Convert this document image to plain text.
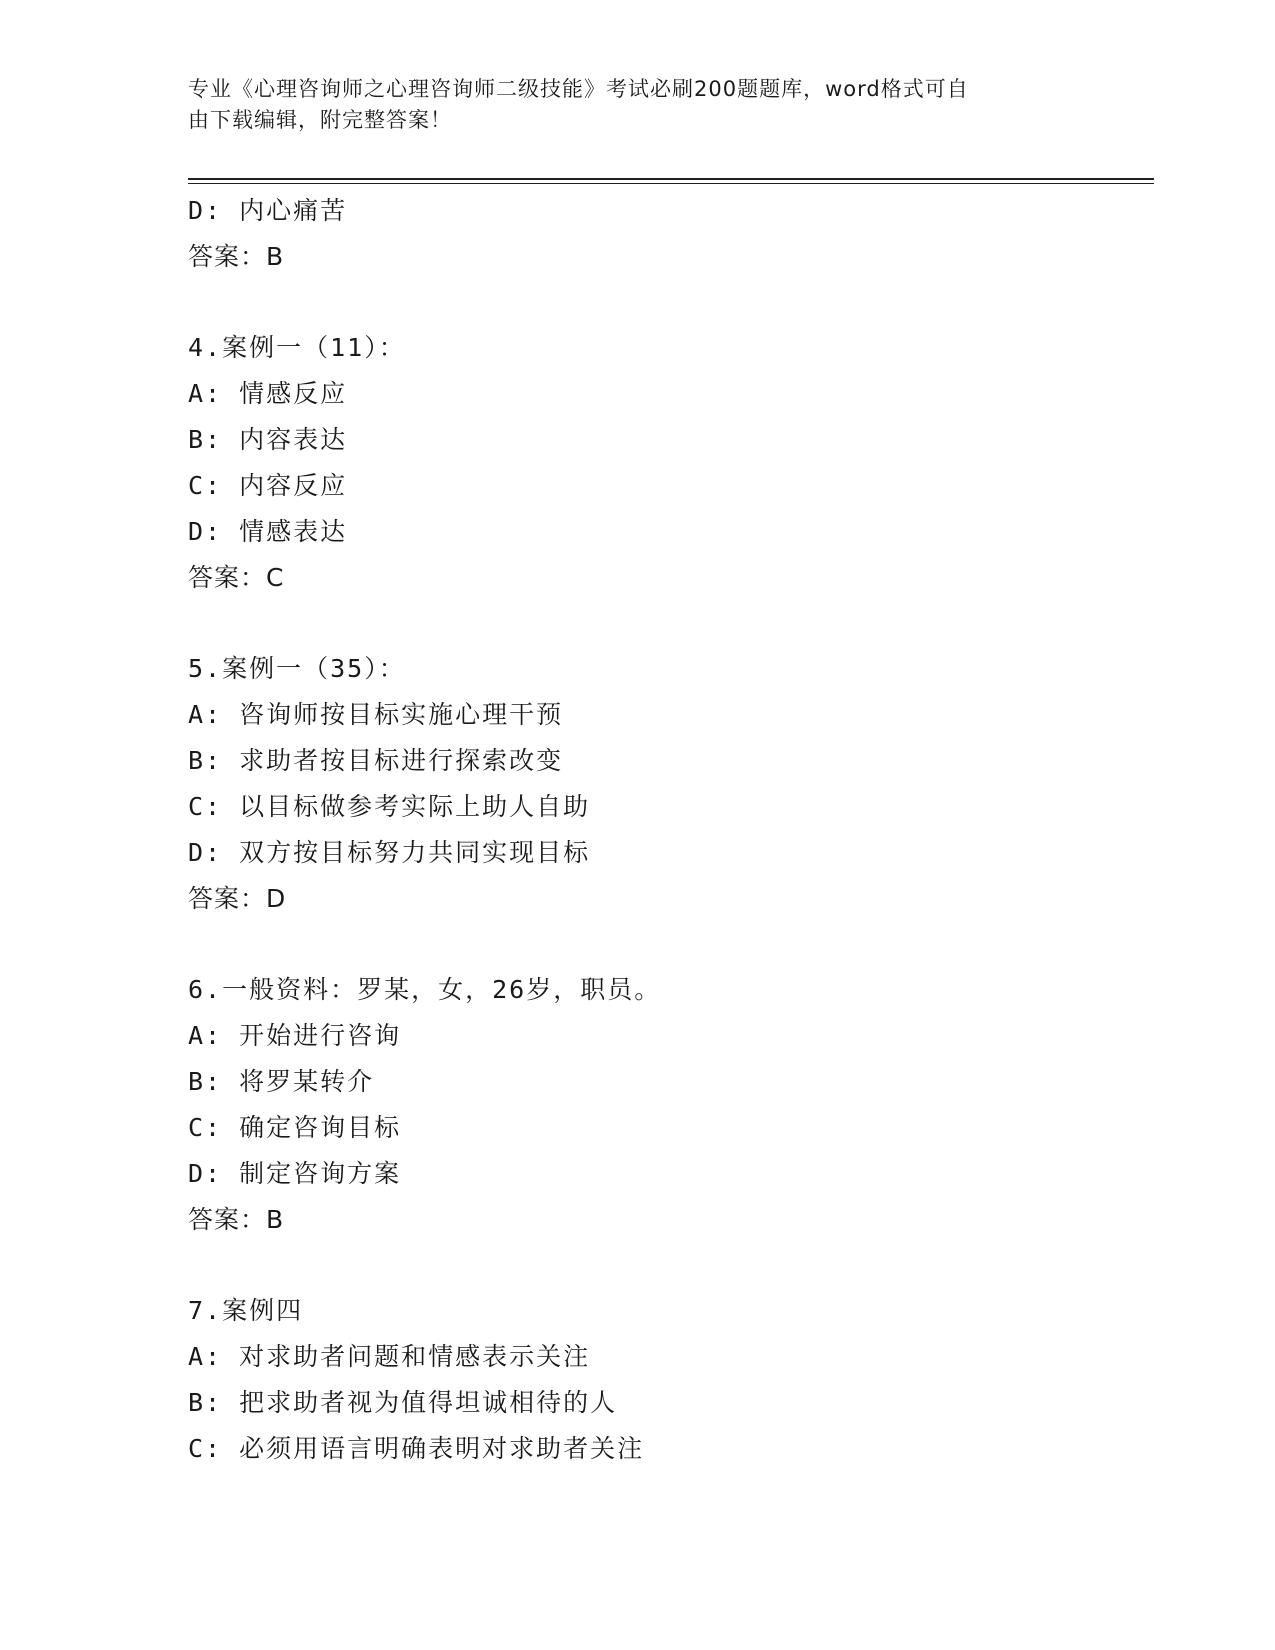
专业《心理咨询师之心理咨询师二级技能》考试必刷200题题库，word格式可自
由下载编辑，附完整答案！
D: 内心痛苦
答案：B
4.案例一（11）：
A: 情感反应
B: 内容表达
C: 内容反应
D: 情感表达
答案：C
5.案例一（35）：
A: 咨询师按目标实施心理干预
B: 求助者按目标进行探索改变
C: 以目标做参考实际上助人自助
D: 双方按目标努力共同实现目标
答案：D
6.一般资料：罗某，女，26岁，职员。
A: 开始进行咨询
B: 将罗某转介
C: 确定咨询目标
D: 制定咨询方案
答案：B
7.案例四
A: 对求助者问题和情感表示关注
B: 把求助者视为值得坦诚相待的人
C: 必须用语言明确表明对求助者关注
